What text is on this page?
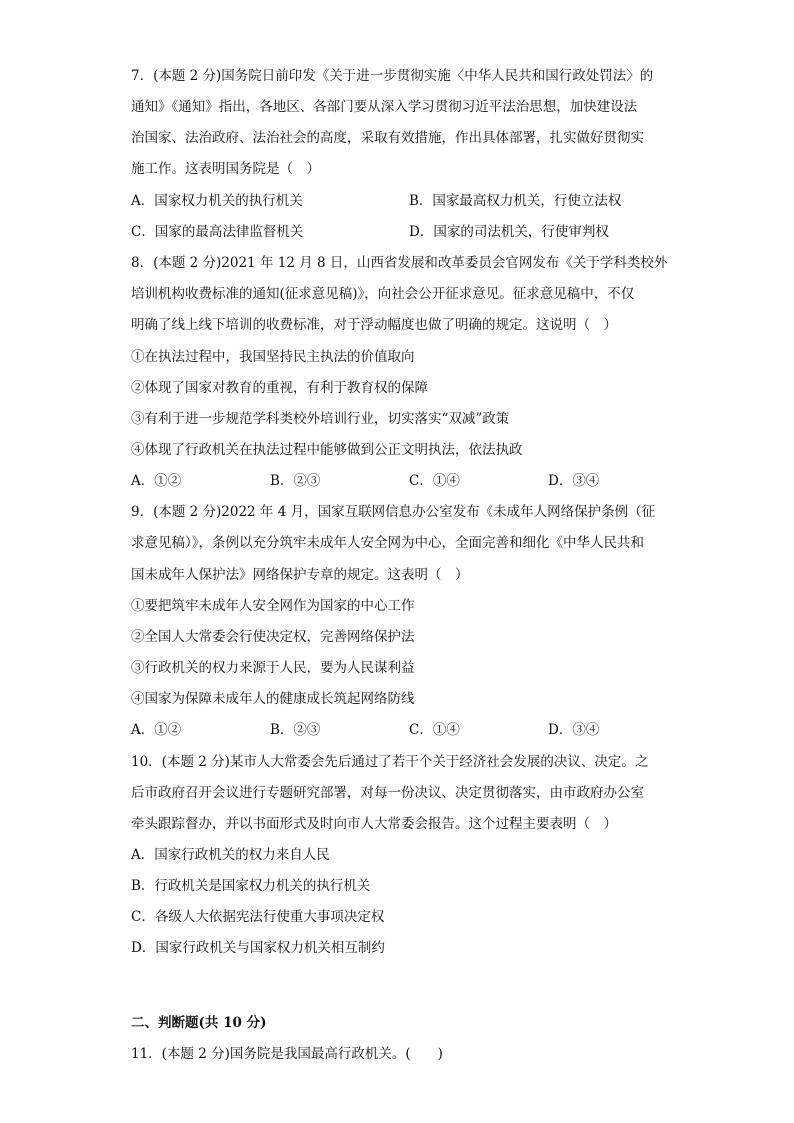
7．(本题 2 分)国务院日前印发《关于进一步贯彻实施〈中华人民共和国行政处罚法〉的
通知》《通知》指出，各地区、各部门要从深入学习贯彻习近平法治思想，加快建设法
治国家、法治政府、法治社会的高度，采取有效措施，作出具体部署，扎实做好贯彻实
施工作。这表明国务院是（　）
A．国家权力机关的执行机关	B．国家最高权力机关，行使立法权
C．国家的最高法律监督机关	D．国家的司法机关，行使审判权
8．(本题 2 分)2021 年 12 月 8 日，山西省发展和改革委员会官网发布《关于学科类校外
培训机构收费标准的通知(征求意见稿)》，向社会公开征求意见。征求意见稿中，不仅
明确了线上线下培训的收费标准，对于浮动幅度也做了明确的规定。这说明（　）
①在执法过程中，我国坚持民主执法的价值取向
②体现了国家对教育的重视，有利于教育权的保障
③有利于进一步规范学科类校外培训行业，切实落实“双减”政策
④体现了行政机关在执法过程中能够做到公正文明执法，依法执政
A．①②	B．②③	C．①④	D．③④
9．(本题 2 分)2022 年 4 月，国家互联网信息办公室发布《未成年人网络保护条例（征
求意见稿）》，条例以充分筑牢未成年人安全网为中心，全面完善和细化《中华人民共和
国未成年人保护法》网络保护专章的规定。这表明（　）
①要把筑牢未成年人安全网作为国家的中心工作
②全国人大常委会行使决定权，完善网络保护法
③行政机关的权力来源于人民，要为人民谋利益
④国家为保障未成年人的健康成长筑起网络防线
A．①②	B．②③	C．①④	D．③④
10．(本题 2 分)某市人大常委会先后通过了若干个关于经济社会发展的决议、决定。之
后市政府召开会议进行专题研究部署，对每一份决议、决定贯彻落实，由市政府办公室
牵头跟踪督办，并以书面形式及时向市人大常委会报告。这个过程主要表明（　）
A．国家行政机关的权力来自人民
B．行政机关是国家权力机关的执行机关
C．各级人大依据宪法行使重大事项决定权
D．国家行政机关与国家权力机关相互制约
二、判断题(共 10 分)
11．(本题 2 分)国务院是我国最高行政机关。(　　)
